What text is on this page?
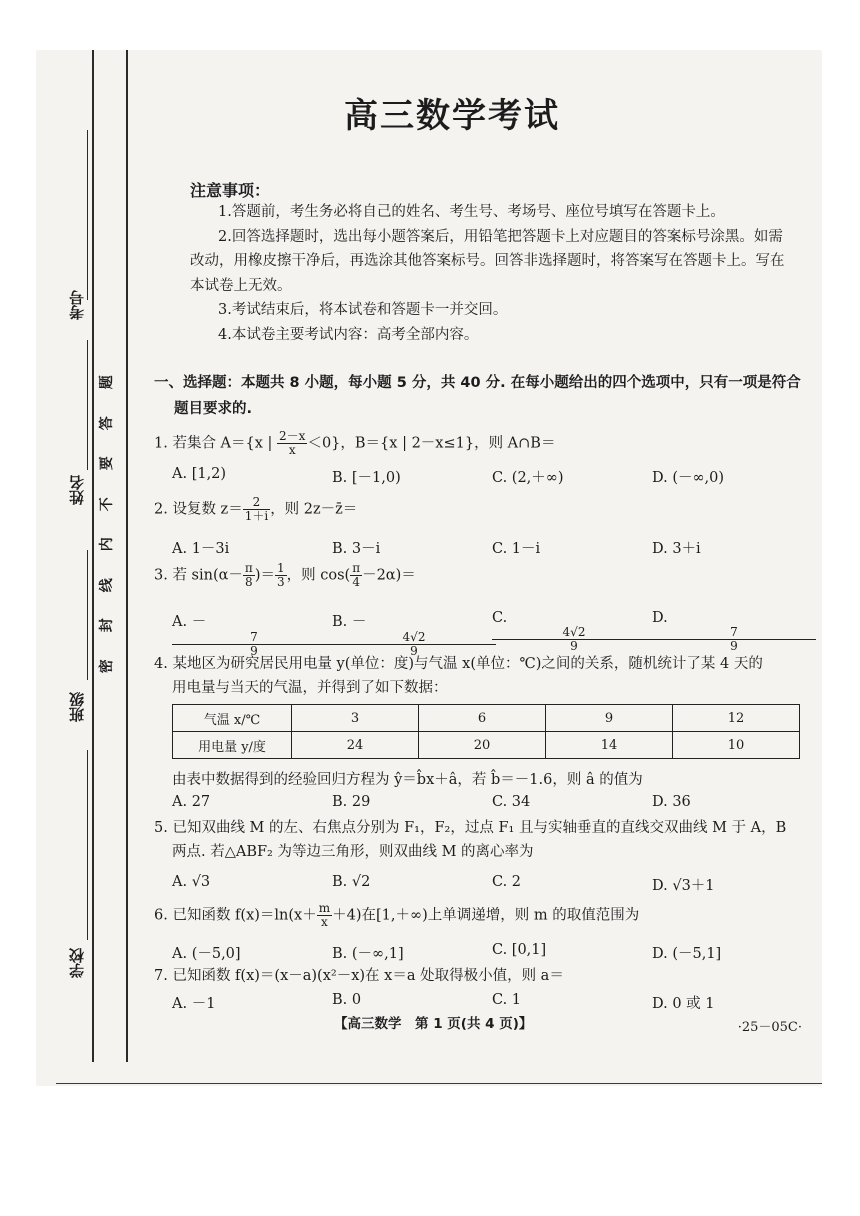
考号
姓名
班级
学校
题
答
要
不
内
线
封
密
高三数学考试
注意事项：
1.答题前，考生务必将自己的姓名、考生号、考场号、座位号填写在答题卡上。
2.回答选择题时，选出每小题答案后，用铅笔把答题卡上对应题目的答案标号涂黑。如需改动，用橡皮擦干净后，再选涂其他答案标号。回答非选择题时，将答案写在答题卡上。写在本试卷上无效。
3.考试结束后，将本试卷和答题卡一并交回。
4.本试卷主要考试内容：高考全部内容。
一、选择题：本题共 8 小题，每小题 5 分，共 40 分. 在每小题给出的四个选项中，只有一项是符合
题目要求的.
1. 若集合 A＝{x | $\frac{2-x}{x} <0$}，B＝{x | 2－x≤1}，则 A∩B＝
A. [1,2)	B. [－1,0)	C. (2,＋∞)	D. (－∞,0)
2. 设复数 $z= \frac{2}{1+i}$ ，则 2z－z̄＝
A. 1－3i	B. 3－i	C. 1－i	D. 3＋i
3. 若 $\sin(\alpha- \frac{\pi}{8}$ )＝ $\frac{1}{3}$ ，则 $\cos( \frac{\pi}{4} -2\alpha)=$
A. －
7
9
B. －
4√2
9
C.
4√2
9
D.
7
9
4. 某地区为研究居民用电量 y(单位：度)与气温 x(单位：℃)之间的关系，随机统计了某 4 天的
用电量与当天的气温，并得到了如下数据：
气温 x/℃	3	6	9	12
用电量 y/度	24	20	14	10
由表中数据得到的经验回归方程为 ŷ＝b̂x＋â，若 b̂＝－1.6，则 â 的值为
A. 27	B. 29	C. 34	D. 36
5. 已知双曲线 M 的左、右焦点分别为 F₁，F₂，过点 F₁ 且与实轴垂直的直线交双曲线 M 于 A，B
两点. 若△ABF₂ 为等边三角形，则双曲线 M 的离心率为
A. √3	B. √2	C. 2	D. √3＋1
6. 已知函数 $f(x)=\ln(x+ \frac{m}{x} +4)$在[1,＋∞)上单调递增，则 m 的取值范围为
A. (－5,0]	B. (－∞,1]	C. [0,1]	D. (－5,1]
7. 已知函数 f(x)＝(x－a)(x²－x)在 x＝a 处取得极小值，则 a＝
A. －1	B. 0	C. 1	D. 0 或 1
【高三数学　第 1 页(共 4 页)】	·25－05C·
